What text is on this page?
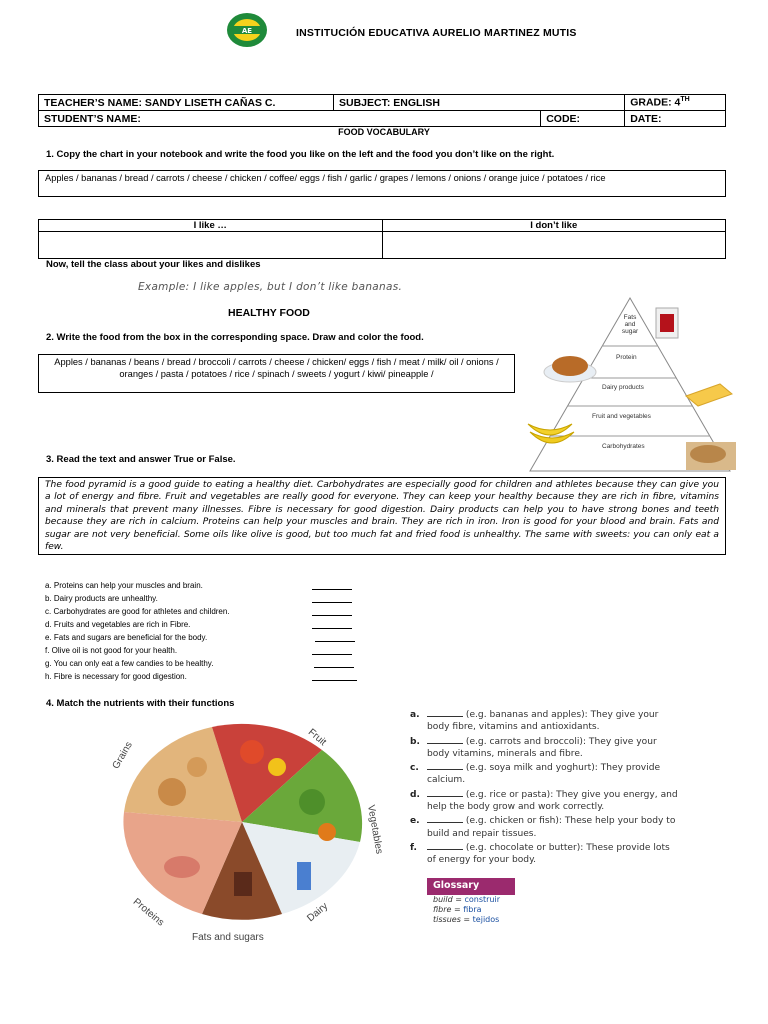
AE	INSTITUCIÓN EDUCATIVA AURELIO MARTINEZ MUTIS
TEACHER’S NAME: SANDY LISETH CAÑAS C.	SUBJECT: ENGLISH		GRADE: 4TH
STUDENT’S NAME:		CODE:	DATE:
FOOD VOCABULARY
1. Copy the chart in your notebook and write the food you like on the left and the food you don’t like on the right.
Apples / bananas / bread / carrots / cheese / chicken / coffee/ eggs / fish / garlic / grapes / lemons / onions / orange juice / potatoes / rice
I like …	I don’t like

Now, tell the class about your likes and dislikes
Example: I like apples, but I don’t like bananas.
HEALTHY FOOD
2. Write the food from the box in the corresponding space. Draw and color the food.
Apples / bananas / beans / bread / broccoli / carrots / cheese / chicken/ eggs / fish / meat / milk/ oil / onions / oranges / pasta / potatoes / rice / spinach / sweets / yogurt / kiwi/ pineapple /
Fats and sugar
Protein
Dairy products
Fruit and vegetables
Carbohydrates
3. Read the text and answer True or False.
The food pyramid is a good guide to eating a healthy diet. Carbohydrates are especially good for children and athletes because they can give you a lot of energy and fibre. Fruit and vegetables are really good for everyone. They can keep your healthy because they are rich in fibre, vitamins and minerals that prevent many illnesses. Fibre is necessary for good digestion. Dairy products can help you to have strong bones and teeth because they are rich in calcium. Proteins can help your muscles and brain. They are rich in iron. Iron is good for your blood and brain. Fats and sugar are not very beneficial. Some oils like olive is good, but too much fat and fried food is unhealthy. The same with sweets: you can only eat a few.
a. Proteins can help your muscles and brain.
b. Dairy products are unhealthy.
c. Carbohydrates are good for athletes and children.
d. Fruits and vegetables are rich in Fibre.
e. Fats and sugars are beneficial for the body.
f. Olive oil is not good for your health.
g. You can only eat a few candies to be healthy.
h. Fibre is necessary for good digestion.
4. Match the nutrients with their functions
Grains
Fruit
Vegetables
Dairy
Fats and sugars
Proteins
a.	(e.g. bananas and apples): They give your body fibre, vitamins and antioxidants.
b.	(e.g. carrots and broccoli): They give your body vitamins, minerals and fibre.
c.	(e.g. soya milk and yoghurt): They provide calcium.
d.	(e.g. rice or pasta): They give you energy, and help the body grow and work correctly.
e.	(e.g. chicken or fish): These help your body to build and repair tissues.
f.	(e.g. chocolate or butter): These provide lots of energy for your body.
Glossary
build = construir
fibre = fibra
tissues = tejidos
